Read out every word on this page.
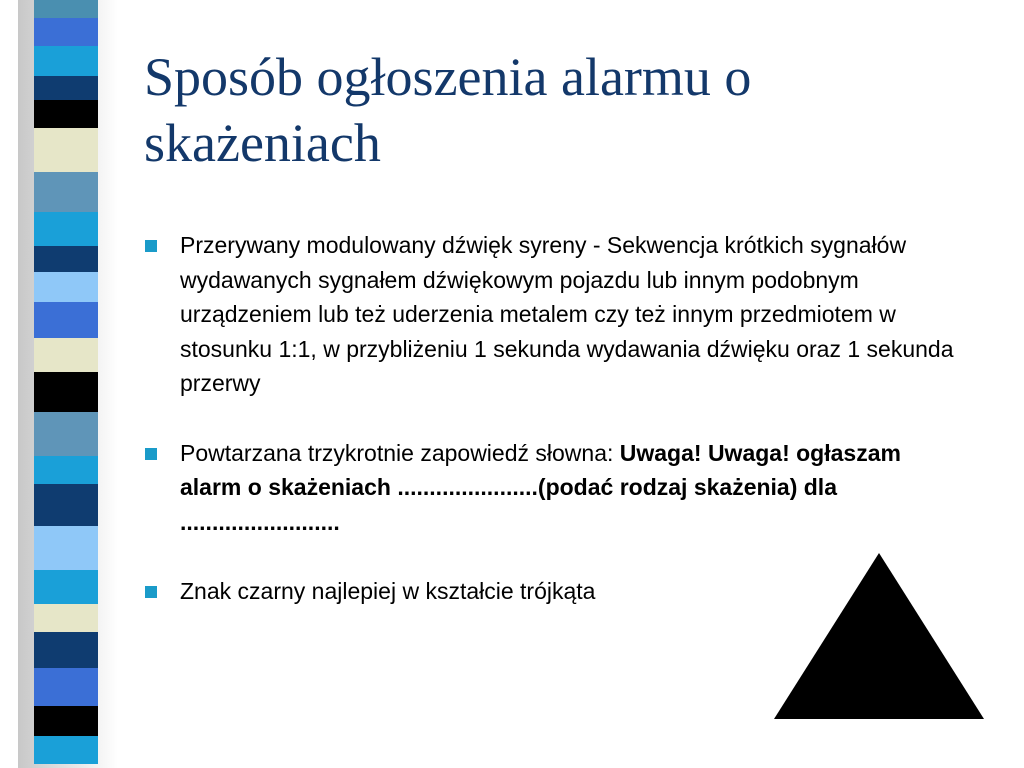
Sposób ogłoszenia alarmu o skażeniach
Przerywany modulowany dźwięk syreny - Sekwencja krótkich sygnałów wydawanych sygnałem dźwiękowym pojazdu lub innym podobnym urządzeniem lub też uderzenia metalem czy też innym przedmiotem w stosunku 1:1, w przybliżeniu 1 sekunda wydawania dźwięku oraz 1 sekunda przerwy
Powtarzana trzykrotnie zapowiedź słowna: Uwaga! Uwaga! ogłaszam alarm o skażeniach ......................(podać rodzaj skażenia) dla .........................
Znak czarny najlepiej w kształcie trójkąta
